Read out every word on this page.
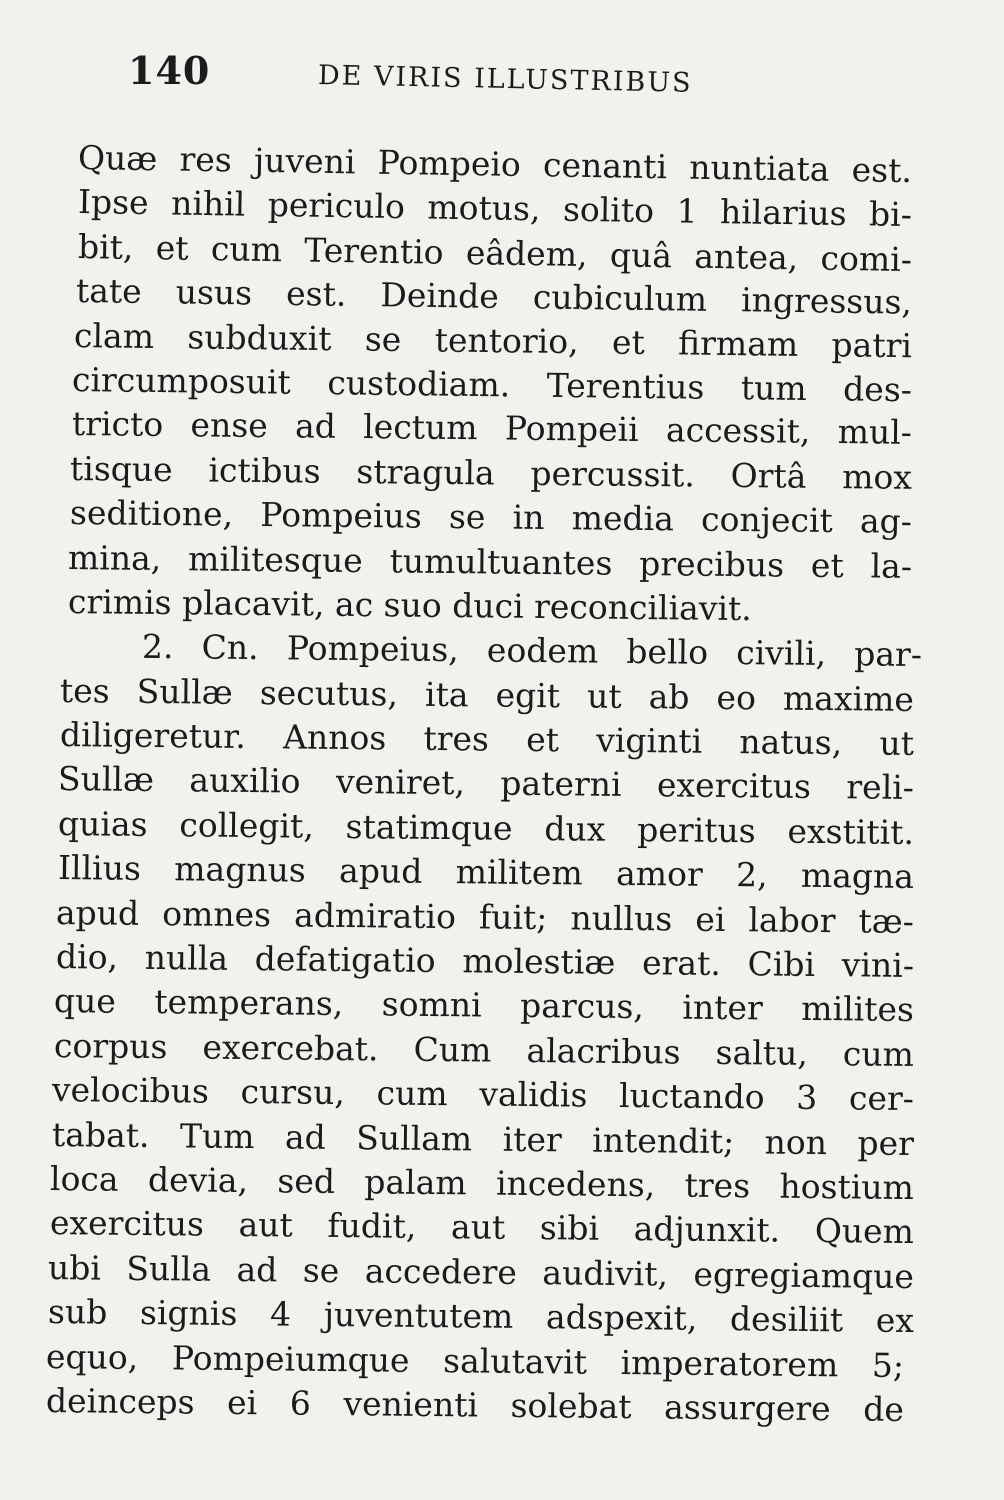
140	DE VIRIS ILLUSTRIBUS
Quæ res juveni Pompeio cenanti nuntiata est.
Ipse nihil periculo motus, solito 1 hilarius bi-
bit, et cum Terentio eâdem, quâ antea, comi-
tate usus est. Deinde cubiculum ingressus,
clam subduxit se tentorio, et firmam patri
circumposuit custodiam. Terentius tum des-
tricto ense ad lectum Pompeii accessit, mul-
tisque ictibus stragula percussit. Ortâ mox
seditione, Pompeius se in media conjecit ag-
mina, militesque tumultuantes precibus et la-
crimis placavit, ac suo duci reconciliavit.
2. Cn. Pompeius, eodem bello civili, par-
tes Sullæ secutus, ita egit ut ab eo maxime
diligeretur. Annos tres et viginti natus, ut
Sullæ auxilio veniret, paterni exercitus reli-
quias collegit, statimque dux peritus exstitit.
Illius magnus apud militem amor 2, magna
apud omnes admiratio fuit; nullus ei labor tæ-
dio, nulla defatigatio molestiæ erat. Cibi vini-
que temperans, somni parcus, inter milites
corpus exercebat. Cum alacribus saltu, cum
velocibus cursu, cum validis luctando 3 cer-
tabat. Tum ad Sullam iter intendit; non per
loca devia, sed palam incedens, tres hostium
exercitus aut fudit, aut sibi adjunxit. Quem
ubi Sulla ad se accedere audivit, egregiamque
sub signis 4 juventutem adspexit, desiliit ex
equo, Pompeiumque salutavit imperatorem 5;
deinceps ei 6 venienti solebat assurgere de
